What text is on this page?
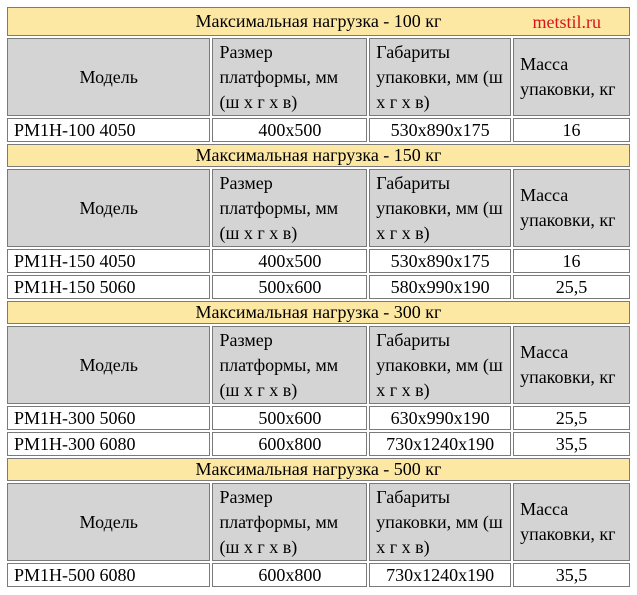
Максимальная нагрузка - 100 кг metstil.ru			

Модель	Размер платформы, мм (ш х г х в)	Габариты упаковки, мм (ш х г х в)	Масса упаковки, кг
PM1H-100 4050	400x500	530x890x175	16
Максимальная нагрузка - 150 кг			
Модель	Размер платформы, мм (ш х г х в)	Габариты упаковки, мм (ш х г х в)	Масса упаковки, кг
PM1H-150 4050	400x500	530x890x175	16
PM1H-150 5060	500x600	580x990x190	25,5
Максимальная нагрузка - 300 кг			
Модель	Размер платформы, мм (ш х г х в)	Габариты упаковки, мм (ш х г х в)	Масса упаковки, кг
PM1H-300 5060	500x600	630x990x190	25,5
PM1H-300 6080	600x800	730x1240x190	35,5
Максимальная нагрузка - 500 кг			
Модель	Размер платформы, мм (ш х г х в)	Габариты упаковки, мм (ш х г х в)	Масса упаковки, кг
PM1H-500 6080	600x800	730x1240x190	35,5
